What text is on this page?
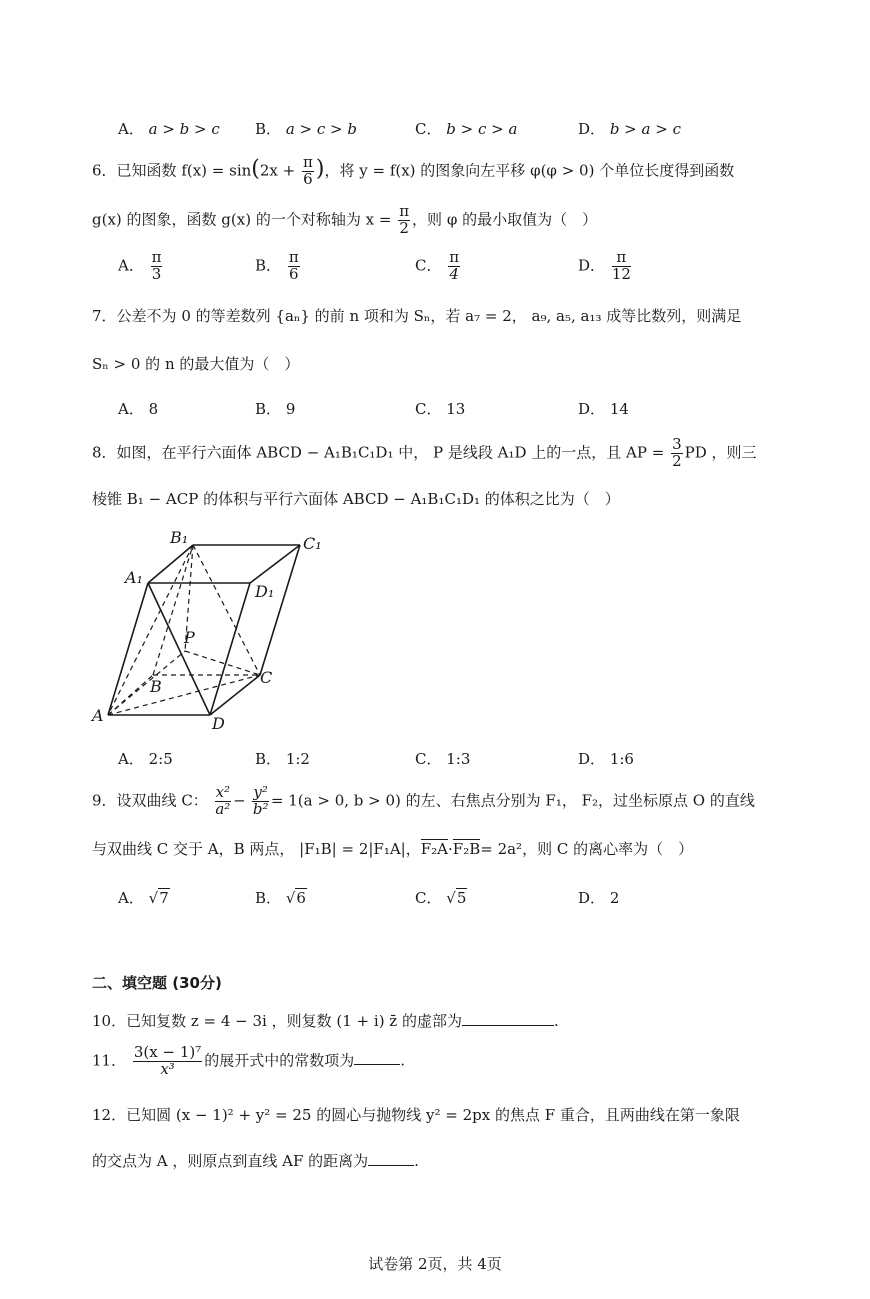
A． a > b > c B． a > c > b	C． b > c > a	D． b > a > c
6．已知函数 $f(x) = \sin(2x + \frac{\pi}{6}$ )，将 y = f(x) 的图象向左平移 φ(φ > 0) 个单位长度得到函数
g(x) 的图象，函数 g(x) 的一个对称轴为 $x = \frac{\pi}{2}$ ，则 φ 的最小取值为（　）
A． $\frac{\pi}{3}$	B． $\frac{\pi}{6}$	C． $\frac{\pi}{4}$	D． $\frac{\pi}{12}$
7．公差不为 0 的等差数列 {aₙ} 的前 n 项和为 Sₙ，若 a₇ = 2， a₉, a₅, a₁₃ 成等比数列，则满足
Sₙ > 0 的 n 的最大值为（　）
A． 8	B． 9	C． 13	D． 14
8．如图，在平行六面体 ABCD − A₁B₁C₁D₁ 中， P 是线段 A₁D 上的一点，且 AP = $\frac{3}{2}$ PD ，则三
棱锥 B₁ − ACP 的体积与平行六面体 ABCD − A₁B₁C₁D₁ 的体积之比为（　）
B₁	C₁
A₁
D₁
P
B	C
A	D
A． 2:5	B． 1:2	C． 1:3	D． 1:6
9．设双曲线 C： $\frac{\text{x²}}{\text{a²}} - \frac{\text{y²}}{\text{b²}} = 1(a > 0$, b > 0) 的左、右焦点分别为 F₁， F₂，过坐标原点 O 的直线
与双曲线 C 交于 A，B 两点， |F₁B| = 2|F₁A|，F₂A·F₂B= 2a²，则 C 的离心率为（　）
A． √7	B． √6	C． √5	D． 2
二、填空题 (30分)
10．已知复数 z = 4 − 3i ，则复数 (1 + i) z̄ 的虚部为	.
11． $\frac{\text{3(x − 1)⁷}}{\text{x³}}$ 的展开式中的常数项为	.
12．已知圆 (x − 1)² + y² = 25 的圆心与抛物线 y² = 2px 的焦点 F 重合，且两曲线在第一象限
的交点为 A ，则原点到直线 AF 的距离为	.
试卷第 2页，共 4页
